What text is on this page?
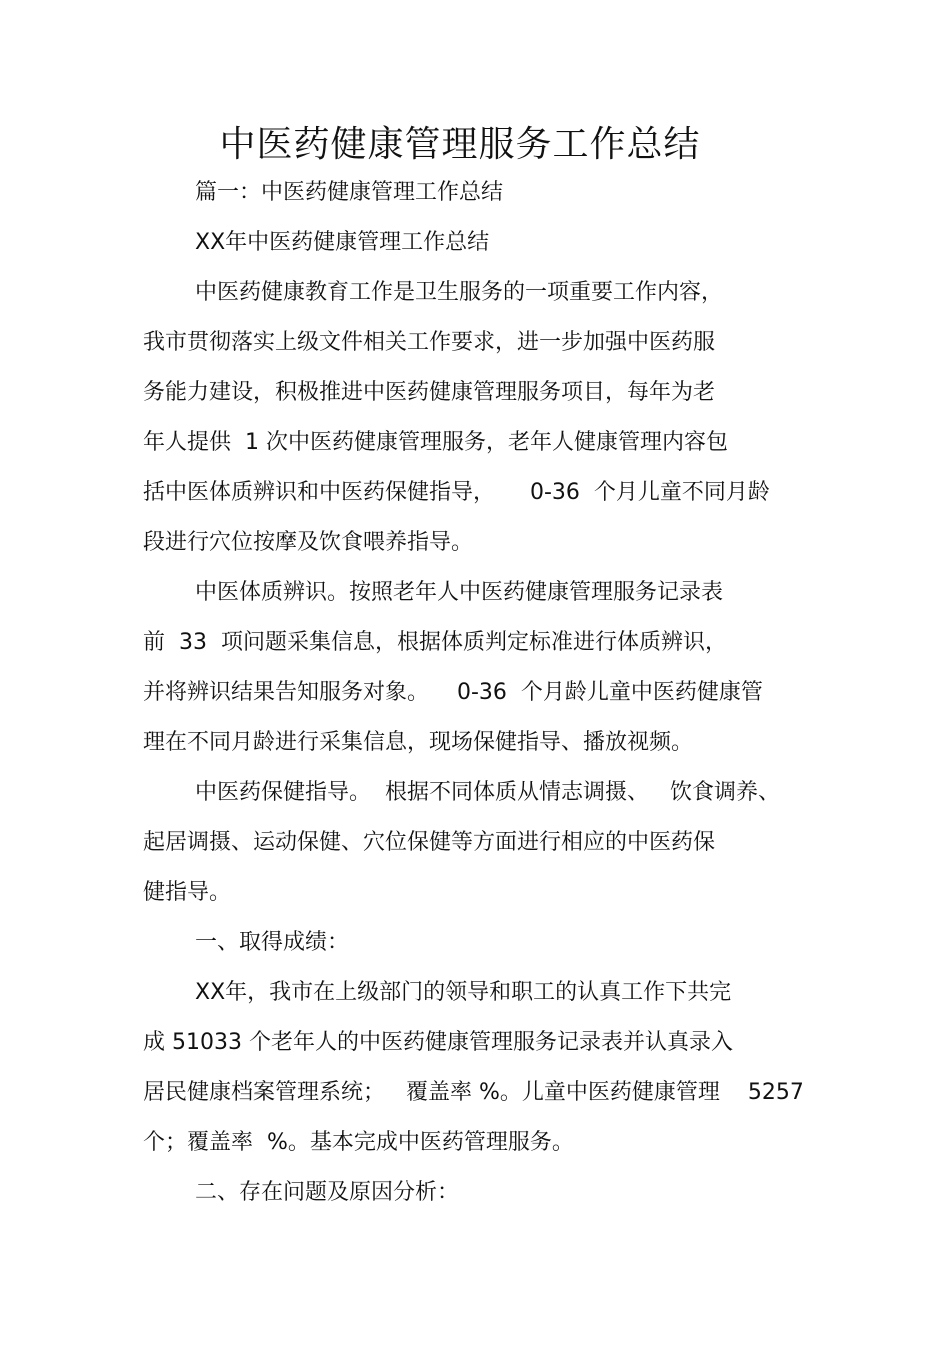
中医药健康管理服务工作总结
篇一：中医药健康管理工作总结
XX年中医药健康管理工作总结
中医药健康教育工作是卫生服务的一项重要工作内容，
我市贯彻落实上级文件相关工作要求，进一步加强中医药服
务能力建设，积极推进中医药健康管理服务项目，每年为老
年人提供  1 次中医药健康管理服务，老年人健康管理内容包
括中医体质辨识和中医药保健指导，     0-36  个月儿童不同月龄
段进行穴位按摩及饮食喂养指导。
中医体质辨识。按照老年人中医药健康管理服务记录表
前  33  项问题采集信息，根据体质判定标准进行体质辨识，
并将辨识结果告知服务对象。    0-36  个月龄儿童中医药健康管
理在不同月龄进行采集信息，现场保健指导、播放视频。
中医药保健指导。  根据不同体质从情志调摄、   饮食调养、
起居调摄、运动保健、穴位保健等方面进行相应的中医药保
健指导。
一、取得成绩：
XX年，我市在上级部门的领导和职工的认真工作下共完
成 51033 个老年人的中医药健康管理服务记录表并认真录入
居民健康档案管理系统；   覆盖率 %。儿童中医药健康管理    5257
个；覆盖率  %。基本完成中医药管理服务。
二、存在问题及原因分析：
